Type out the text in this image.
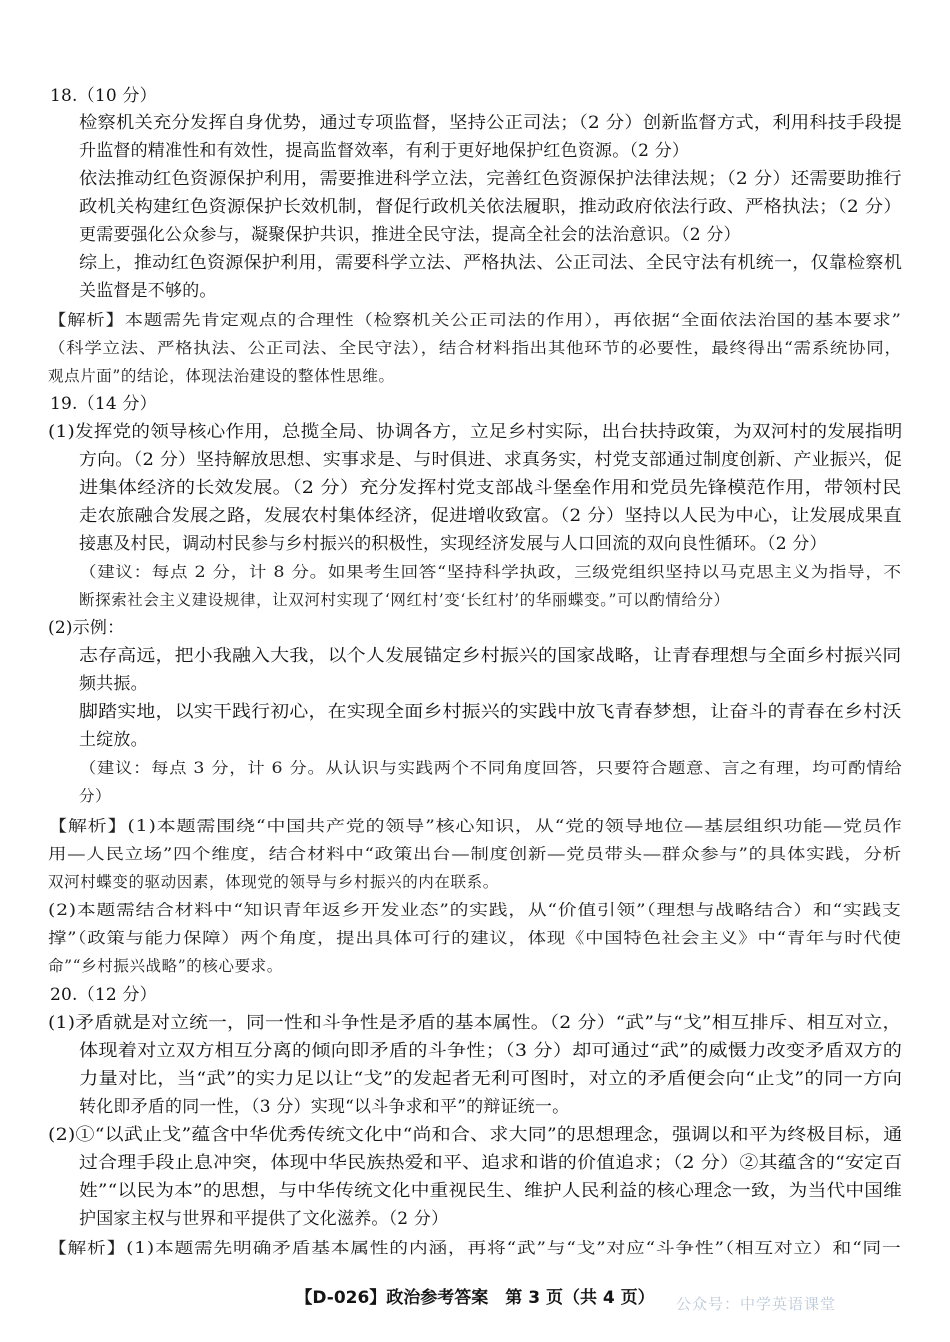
18.（10 分）
检察机关充分发挥自身优势，通过专项监督，坚持公正司法；（2 分）创新监督方式，利用科技手段提
升监督的精准性和有效性，提高监督效率，有利于更好地保护红色资源。（2 分）
依法推动红色资源保护利用，需要推进科学立法，完善红色资源保护法律法规；（2 分）还需要助推行
政机关构建红色资源保护长效机制，督促行政机关依法履职，推动政府依法行政、严格执法；（2 分）
更需要强化公众参与，凝聚保护共识，推进全民守法，提高全社会的法治意识。（2 分）
综上，推动红色资源保护利用，需要科学立法、严格执法、公正司法、全民守法有机统一，仅靠检察机
关监督是不够的。
【解析】本题需先肯定观点的合理性（检察机关公正司法的作用），再依据“全面依法治国的基本要求”
（科学立法、严格执法、公正司法、全民守法），结合材料指出其他环节的必要性，最终得出“需系统协同，
观点片面”的结论，体现法治建设的整体性思维。
19.（14 分）
(1)发挥党的领导核心作用，总揽全局、协调各方，立足乡村实际，出台扶持政策，为双河村的发展指明
方向。（2 分）坚持解放思想、实事求是、与时俱进、求真务实，村党支部通过制度创新、产业振兴，促
进集体经济的长效发展。（2 分）充分发挥村党支部战斗堡垒作用和党员先锋模范作用，带领村民
走农旅融合发展之路，发展农村集体经济，促进增收致富。（2 分）坚持以人民为中心，让发展成果直
接惠及村民，调动村民参与乡村振兴的积极性，实现经济发展与人口回流的双向良性循环。（2 分）
（建议：每点 2 分，计 8 分。如果考生回答“坚持科学执政，三级党组织坚持以马克思主义为指导，不
断探索社会主义建设规律，让双河村实现了‘网红村’变‘长红村’的华丽蝶变。”可以酌情给分）
(2)示例：
志存高远，把小我融入大我，以个人发展锚定乡村振兴的国家战略，让青春理想与全面乡村振兴同
频共振。
脚踏实地，以实干践行初心，在实现全面乡村振兴的实践中放飞青春梦想，让奋斗的青春在乡村沃
土绽放。
（建议：每点 3 分，计 6 分。从认识与实践两个不同角度回答，只要符合题意、言之有理，均可酌情给
分）
【解析】(1)本题需围绕“中国共产党的领导”核心知识，从“党的领导地位—基层组织功能—党员作
用—人民立场”四个维度，结合材料中“政策出台—制度创新—党员带头—群众参与”的具体实践，分析
双河村蝶变的驱动因素，体现党的领导与乡村振兴的内在联系。
(2)本题需结合材料中“知识青年返乡开发业态”的实践，从“价值引领”（理想与战略结合）和“实践支
撑”（政策与能力保障）两个角度，提出具体可行的建议，体现《中国特色社会主义》中“青年与时代使
命”“乡村振兴战略”的核心要求。
20.（12 分）
(1)矛盾就是对立统一，同一性和斗争性是矛盾的基本属性。（2 分）“武”与“戈”相互排斥、相互对立，
体现着对立双方相互分离的倾向即矛盾的斗争性；（3 分）却可通过“武”的威慑力改变矛盾双方的
力量对比，当“武”的实力足以让“戈”的发起者无利可图时，对立的矛盾便会向“止戈”的同一方向
转化即矛盾的同一性，（3 分）实现“以斗争求和平”的辩证统一。
(2)①“以武止戈”蕴含中华优秀传统文化中“尚和合、求大同”的思想理念，强调以和平为终极目标，通
过合理手段止息冲突，体现中华民族热爱和平、追求和谐的价值追求；（2 分）②其蕴含的“安定百
姓”“以民为本”的思想，与中华传统文化中重视民生、维护人民利益的核心理念一致，为当代中国维
护国家主权与世界和平提供了文化滋养。（2 分）
【解析】(1)本题需先明确矛盾基本属性的内涵，再将“武”与“戈”对应“斗争性”（相互对立）和“同一
【D-026】政治参考答案　第 3 页（共 4 页）	公众号：中学英语课堂
